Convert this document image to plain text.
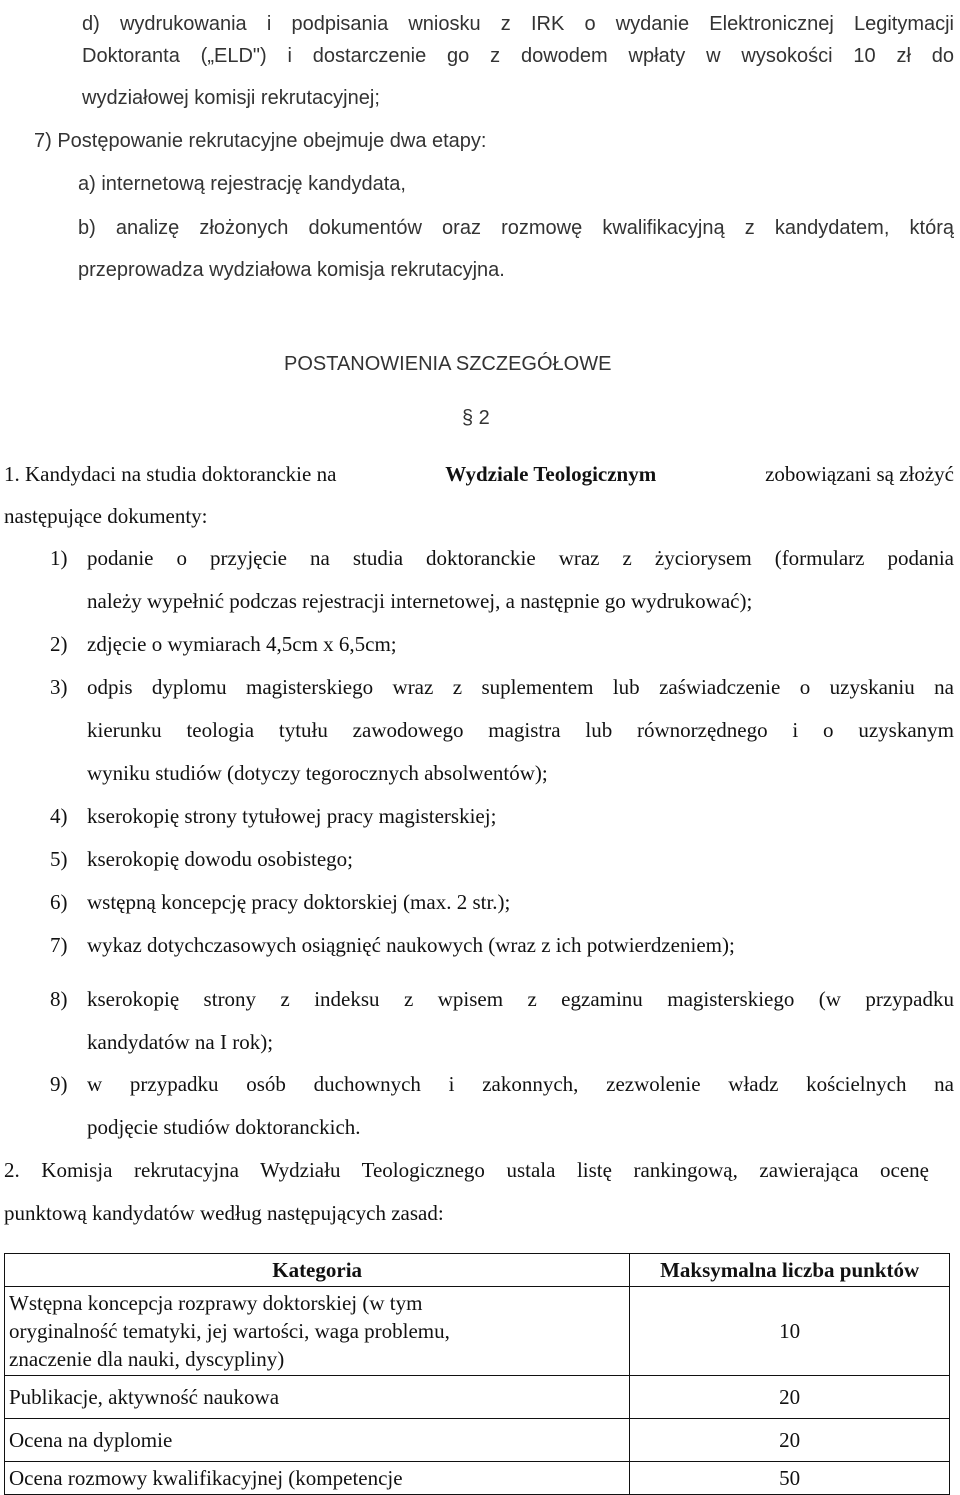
d) wydrukowania i podpisania wniosku z IRK o wydanie Elektronicznej Legitymacji
Doktoranta („ELD") i dostarczenie go z dowodem wpłaty w wysokości 10 zł do
wydziałowej komisji rekrutacyjnej;
7) Postępowanie rekrutacyjne obejmuje dwa etapy:
a) internetową rejestrację kandydata,
b) analizę złożonych dokumentów oraz rozmowę kwalifikacyjną z kandydatem, którą
przeprowadza wydziałowa komisja rekrutacyjna.
POSTANOWIENIA SZCZEGÓŁOWE
§ 2
1. Kandydaci na studia doktoranckie na	Wydziale Teologicznym	zobowiązani są złożyć
następujące dokumenty:
1) podanie o przyjęcie na studia doktoranckie wraz z życiorysem (formularz podania
należy wypełnić podczas rejestracji internetowej, a następnie go wydrukować);
2) zdjęcie o wymiarach 4,5cm x 6,5cm;
3) odpis dyplomu magisterskiego wraz z suplementem lub zaświadczenie o uzyskaniu na
kierunku teologia tytułu zawodowego magistra lub równorzędnego i o uzyskanym
wyniku studiów (dotyczy tegorocznych absolwentów);
4) kserokopię strony tytułowej pracy magisterskiej;
5) kserokopię dowodu osobistego;
6) wstępną koncepcję pracy doktorskiej (max. 2 str.);
7) wykaz dotychczasowych osiągnięć naukowych (wraz z ich potwierdzeniem);
8) kserokopię strony z indeksu z wpisem z egzaminu magisterskiego (w przypadku
kandydatów na I rok);
9) w przypadku osób duchownych i zakonnych, zezwolenie władz kościelnych na
podjęcie studiów doktoranckich.
2. Komisja rekrutacyjna Wydziału Teologicznego ustala listę rankingową, zawierająca ocenę
punktową kandydatów według następujących zasad:
Kategoria	Maksymalna liczba punktów

Wstępna koncepcja rozprawy doktorskiej (w tym
oryginalność tematyki, jej wartości, waga problemu,
znaczenie dla nauki, dyscypliny)	10
Publikacje, aktywność naukowa	20
Ocena na dyplomie	20
Ocena rozmowy kwalifikacyjnej (kompetencje	50
